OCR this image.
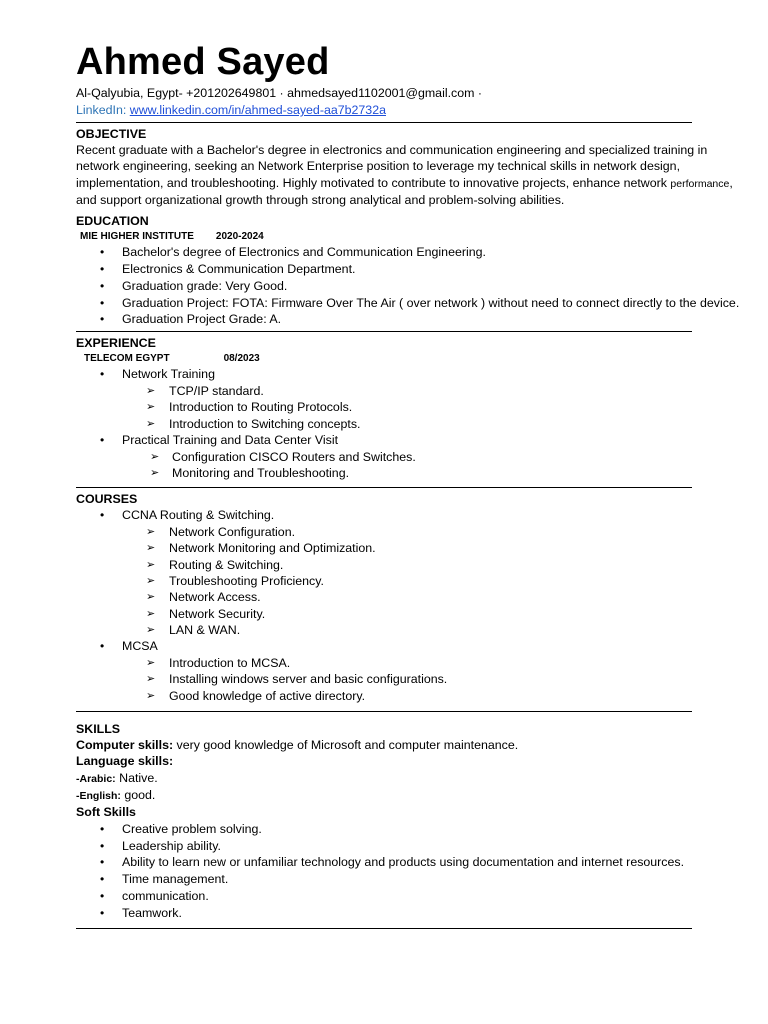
Ahmed Sayed
Al-Qalyubia, Egypt- +201202649801 · ahmedsayed1102001@gmail.com ·
LinkedIn: www.linkedin.com/in/ahmed-sayed-aa7b2732a
OBJECTIVE
Recent graduate with a Bachelor's degree in electronics and communication engineering and specialized training in network engineering, seeking an Network Enterprise position to leverage my technical skills in network design, implementation, and troubleshooting. Highly motivated to contribute to innovative projects, enhance network performance, and support organizational growth through strong analytical and problem-solving abilities.
EDUCATION
MIE HIGHER INSTITUTE 2020-2024
• Bachelor's degree of Electronics and Communication Engineering.
• Electronics & Communication Department.
• Graduation grade: Very Good.
• Graduation Project: FOTA: Firmware Over The Air ( over network ) without need to connect directly to the device.
• Graduation Project Grade: A.
EXPERIENCE
TELECOM EGYPT	08/2023
• Network Training
➢ TCP/IP standard.
➢ Introduction to Routing Protocols.
➢ Introduction to Switching concepts.
• Practical Training and Data Center Visit
➢ Configuration CISCO Routers and Switches.
➢ Monitoring and Troubleshooting.
COURSES
• CCNA Routing & Switching.
➢ Network Configuration.
➢ Network Monitoring and Optimization.
➢ Routing & Switching.
➢ Troubleshooting Proficiency.
➢ Network Access.
➢ Network Security.
➢ LAN & WAN.
• MCSA
➢ Introduction to MCSA.
➢ Installing windows server and basic configurations.
➢ Good knowledge of active directory.
SKILLS
Computer skills: very good knowledge of Microsoft and computer maintenance.
Language skills:
-Arabic: Native.
-English: good.
Soft Skills
• Creative problem solving.
• Leadership ability.
• Ability to learn new or unfamiliar technology and products using documentation and internet resources.
• Time management.
• communication.
• Teamwork.
